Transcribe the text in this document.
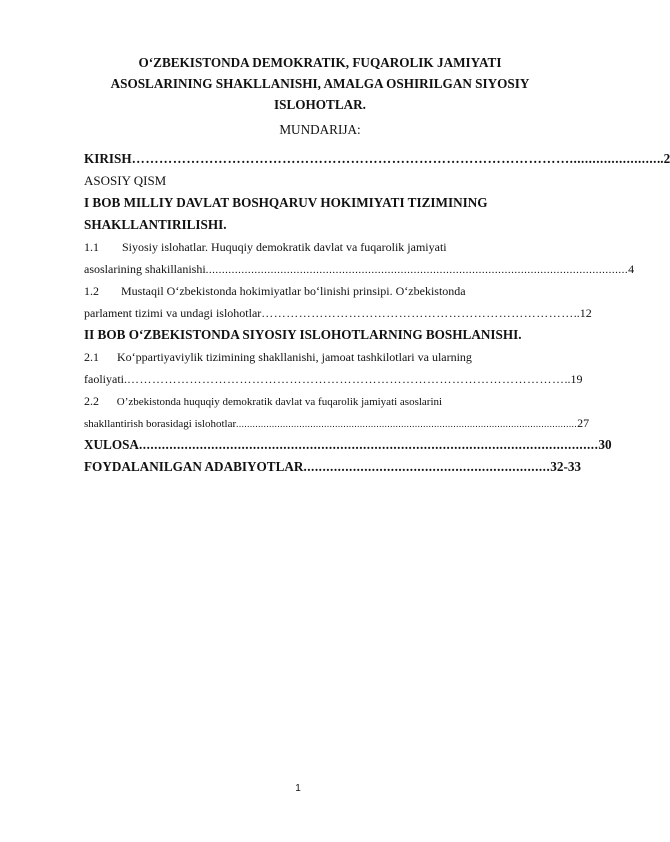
O‘ZBEKISTONDA DEMOKRATIK, FUQAROLIK JAMIYATI
ASOSLARINING SHAKLLANISHI, AMALGA OSHIRILGAN SIYOSIY
ISLOHOTLAR.
MUNDARIJA:
KIRISH ……………………………………………………………………………………....................... ..2
ASOSIY QISM
I BOB MILLIY DAVLAT BOSHQARUV HOKIMIYATI TIZIMINING
SHAKLLANTIRILISHI.
1.1 Siyosiy islohatlar. Huquqiy demokratik davlat va fuqarolik jamiyati
asoslarining shakillanishi .................................................................................................................................. 4
1.2 Mustaqil O‘zbekistonda hokimiyatlar bo‘linishi prinsipi. O‘zbekistonda
parlament tizimi va undagi islohotlar ………………………………………………………………… ..12
II BOB O‘ZBEKISTONDA SIYOSIY ISLOHOTLARNING BOSHLANISHI.
2.1 Ko‘ppartiyaviylik tizimining shakllanishi, jamoat tashkilotlari va ularning
faoliyati. …………………………………………………………………………………………… ..19
2.2 O’zbekistonda huquqiy demokratik davlat va fuqarolik jamiyati asoslarini
shakllantirish borasidagi islohotlar ............................................................................................................................ 27
XULOSA ......................................................................................................................... 30
FOYDALANILGAN ADABIYOTLAR ................................................................. 32-33
1
